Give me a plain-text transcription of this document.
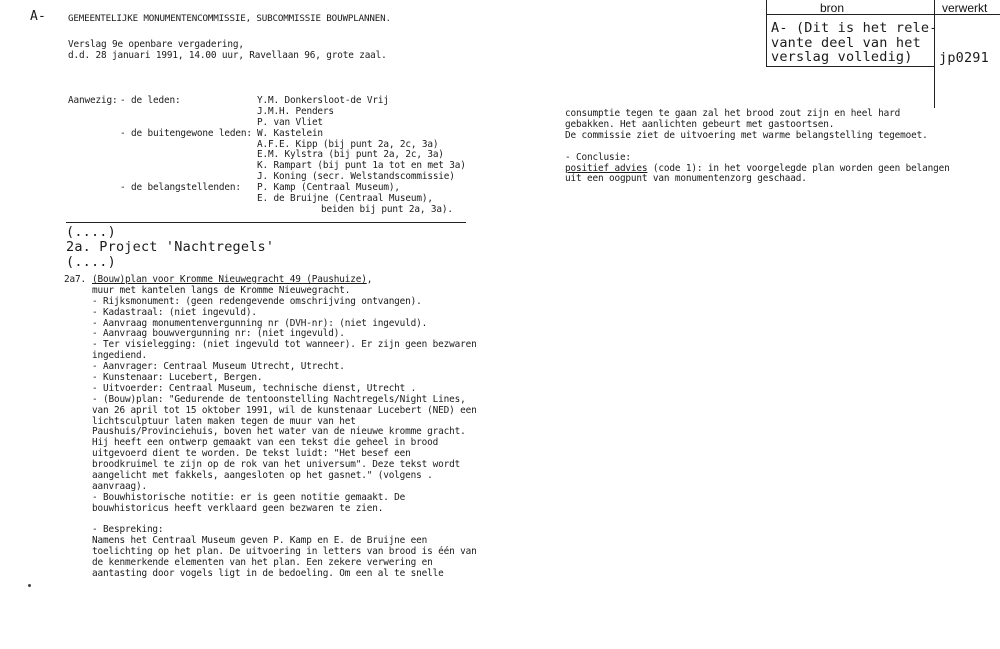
A- GEMEENTELIJKE MONUMENTENCOMMISSIE, SUBCOMMISSIE BOUWPLANNEN.
Verslag 9e openbare vergadering,
d.d. 28 januari 1991, 14.00 uur, Ravellaan 96, grote zaal.
bron	verwerkt
A- (Dit is het rele-
vante deel van het
verslag volledig)	jp0291
Aanwezig: - de leden:
- de buitengewone leden:
- de belangstellenden:
Y.M. Donkersloot-de Vrij
J.M.H. Penders
P. van Vliet
W. Kastelein
A.F.E. Kipp (bij punt 2a, 2c, 3a)
E.M. Kylstra (bij punt 2a, 2c, 3a)
K. Rampart (bij punt 1a tot en met 3a)
J. Koning (secr. Welstandscommissie)
P. Kamp (Centraal Museum),
E. de Bruijne (Centraal Museum),
beiden bij punt 2a, 3a).
(....)
2a. Project 'Nachtregels'
(....)
2a7. (Bouw)plan voor Kromme Nieuwegracht 49 (Paushuize),
muur met kantelen langs de Kromme Nieuwegracht.
- Rijksmonument: (geen redengevende omschrijving ontvangen).
- Kadastraal: (niet ingevuld).
- Aanvraag monumentenvergunning nr (DVH-nr): (niet ingevuld).
- Aanvraag bouwvergunning nr: (niet ingevuld).
- Ter visielegging: (niet ingevuld tot wanneer). Er zijn geen bezwaren
ingediend.
- Aanvrager: Centraal Museum Utrecht, Utrecht.
- Kunstenaar: Lucebert, Bergen.
- Uitvoerder: Centraal Museum, technische dienst, Utrecht .
- (Bouw)plan: "Gedurende de tentoonstelling Nachtregels/Night Lines,
van 26 april tot 15 oktober 1991, wil de kunstenaar Lucebert (NED) een
lichtsculptuur laten maken tegen de muur van het
Paushuis/Provinciehuis, boven het water van de nieuwe kromme gracht.
Hij heeft een ontwerp gemaakt van een tekst die geheel in brood
uitgevoerd dient te worden. De tekst luidt: "Het besef een
broodkruimel te zijn op de rok van het universum". Deze tekst wordt
aangelicht met fakkels, aangesloten op het gasnet." (volgens .
aanvraag).
- Bouwhistorische notitie: er is geen notitie gemaakt. De
bouwhistoricus heeft verklaard geen bezwaren te zien.
- Bespreking:
Namens het Centraal Museum geven P. Kamp en E. de Bruijne een
toelichting op het plan. De uitvoering in letters van brood is één van
de kenmerkende elementen van het plan. Een zekere verwering en
aantasting door vogels ligt in de bedoeling. Om een al te snelle
consumptie tegen te gaan zal het brood zout zijn en heel hard
gebakken. Het aanlichten gebeurt met gastoortsen.
De commissie ziet de uitvoering met warme belangstelling tegemoet.
- Conclusie:
positief advies (code 1): in het voorgelegde plan worden geen belangen
uit een oogpunt van monumentenzorg geschaad.
